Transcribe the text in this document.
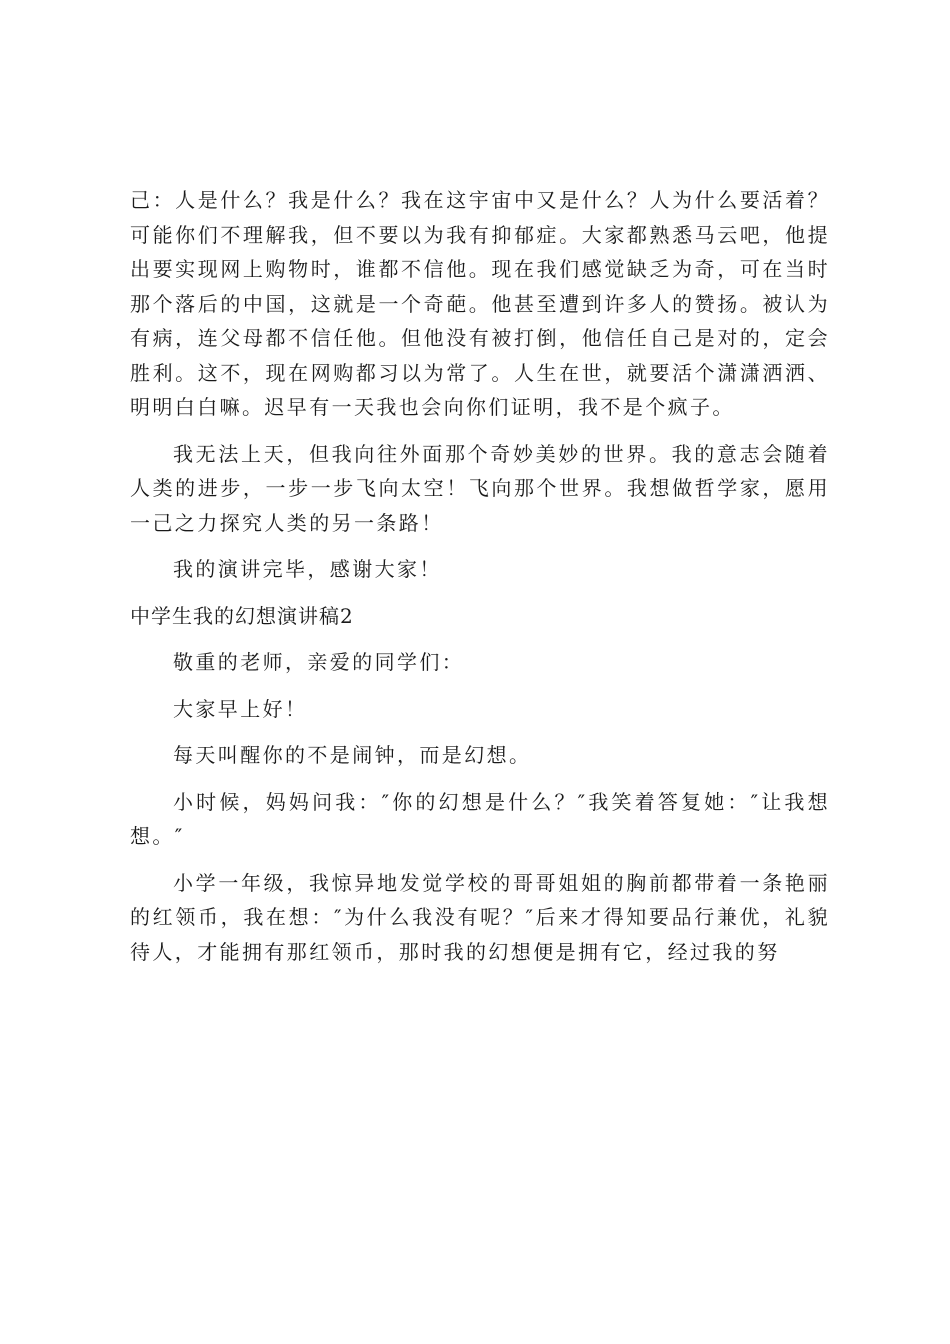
己：人是什么？我是什么？我在这宇宙中又是什么？人为什么要活着？可能你们不理解我，但不要以为我有抑郁症。大家都熟悉马云吧，他提出要实现网上购物时，谁都不信他。现在我们感觉缺乏为奇，可在当时那个落后的中国，这就是一个奇葩。他甚至遭到许多人的赞扬。被认为有病，连父母都不信任他。但他没有被打倒，他信任自己是对的，定会胜利。这不，现在网购都习以为常了。人生在世，就要活个潇潇洒洒、明明白白嘛。迟早有一天我也会向你们证明，我不是个疯子。

我无法上天，但我向往外面那个奇妙美妙的世界。我的意志会随着人类的进步，一步一步飞向太空！飞向那个世界。我想做哲学家，愿用一己之力探究人类的另一条路！

我的演讲完毕，感谢大家！

中学生我的幻想演讲稿2

敬重的老师，亲爱的同学们：

大家早上好！

每天叫醒你的不是闹钟，而是幻想。

小时候，妈妈问我：″你的幻想是什么？″我笑着答复她：″让我想想。″

小学一年级，我惊异地发觉学校的哥哥姐姐的胸前都带着一条艳丽的红领币，我在想：″为什么我没有呢？″后来才得知要品行兼优，礼貌待人，才能拥有那红领币，那时我的幻想便是拥有它，经过我的努
